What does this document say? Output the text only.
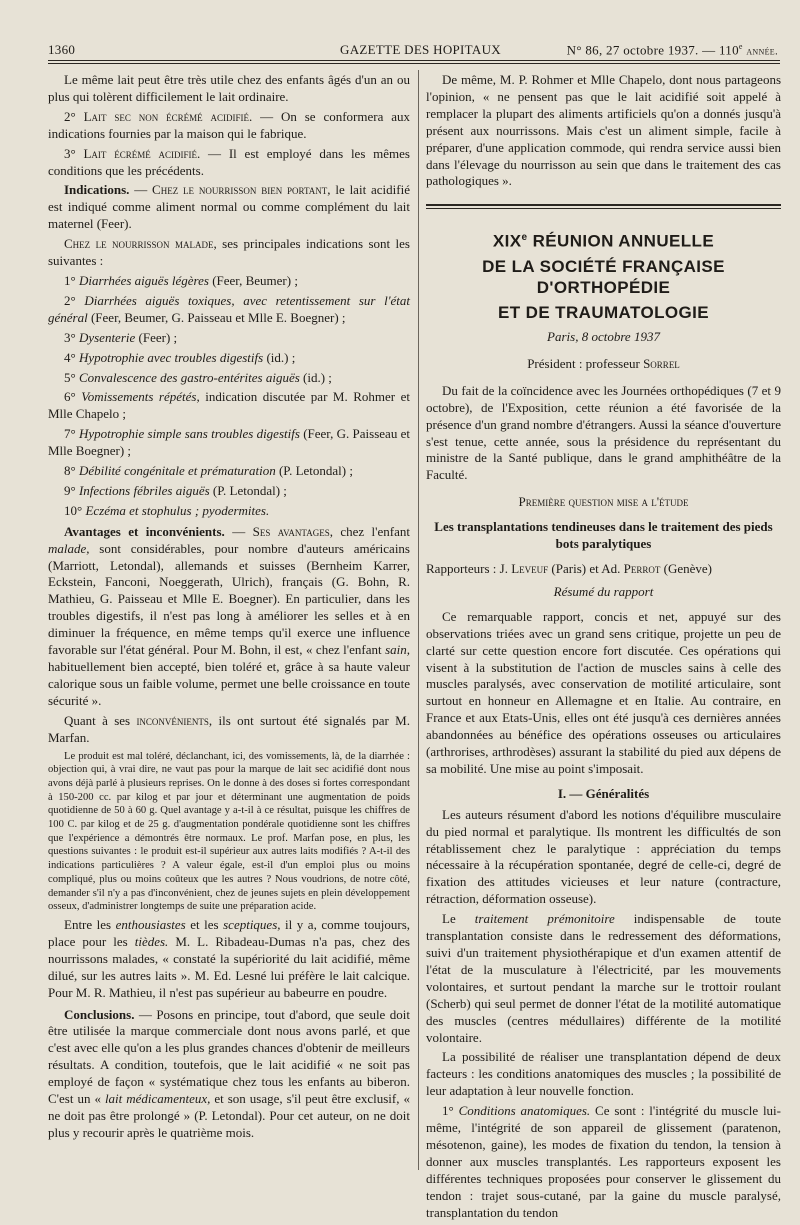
1360	GAZETTE DES HOPITAUX	N° 86, 27 octobre 1937. — 110e année.

Le même lait peut être très utile chez des enfants âgés d'un an ou plus qui tolèrent difficilement le lait ordinaire.

2° Lait sec non écrémé acidifié. — On se conformera aux indications fournies par la maison qui le fabrique.

3° Lait écrémé acidifié. — Il est employé dans les mêmes conditions que les précédents.

Indications. — Chez le nourrisson bien portant, le lait acidifié est indiqué comme aliment normal ou comme complément du lait maternel (Feer).

Chez le nourrisson malade, ses principales indications sont les suivantes :

1° Diarrhées aiguës légères (Feer, Beumer) ;

2° Diarrhées aiguës toxiques, avec retentissement sur l'état général (Feer, Beumer, G. Paisseau et Mlle E. Boegner) ;

3° Dysenterie (Feer) ;

4° Hypotrophie avec troubles digestifs (id.) ;

5° Convalescence des gastro-entérites aiguës (id.) ;

6° Vomissements répétés, indication discutée par M. Rohmer et Mlle Chapelo ;

7° Hypotrophie simple sans troubles digestifs (Feer, G. Paisseau et Mlle Boegner) ;

8° Débilité congénitale et prématuration (P. Letondal) ;

9° Infections fébriles aiguës (P. Letondal) ;

10° Eczéma et stophulus ; pyodermites.

Avantages et inconvénients. — Ses avantages, chez l'enfant malade, sont considérables, pour nombre d'auteurs américains (Marriott, Letondal), allemands et suisses (Bernheim Karrer, Eckstein, Fanconi, Noeggerath, Ulrich), français (G. Bohn, R. Mathieu, G. Paisseau et Mlle E. Boegner). En particulier, dans les troubles digestifs, il n'est pas long à améliorer les selles et à en diminuer la fréquence, en même temps qu'il exerce une influence favorable sur l'état général. Pour M. Bohn, il est, « chez l'enfant sain, habituellement bien accepté, bien toléré et, grâce à sa haute valeur calorique sous un faible volume, permet une belle croissance en toute sécurité ».

Quant à ses inconvénients, ils ont surtout été signalés par M. Marfan.

Le produit est mal toléré, déclanchant, ici, des vomissements, là, de la diarrhée : objection qui, à vrai dire, ne vaut pas pour la marque de lait sec acidifié dont nous avons déjà parlé à plusieurs reprises. On le donne à des doses si fortes correspondant à 150-200 cc. par kilog et par jour et déterminant une augmentation de poids quotidienne de 50 à 60 g. Quel avantage y a-t-il à ce résultat, puisque les chiffres de 100 C. par kilog et de 25 g. d'augmentation pondérale quotidienne sont les chiffres que l'expérience a démontrés être normaux. Le prof. Marfan pose, en plus, les questions suivantes : le produit est-il supérieur aux autres laits modifiés ? A-t-il des indications particulières ? A valeur égale, est-il d'un emploi plus ou moins compliqué, plus ou moins coûteux que les autres ? Nous voudrions, de notre côté, demander s'il n'y a pas d'inconvénient, chez de jeunes sujets en plein développement osseux, d'administrer longtemps de suite une préparation acide.

Entre les enthousiastes et les sceptiques, il y a, comme toujours, place pour les tièdes. M. L. Ribadeau-Dumas n'a pas, chez des nourrissons malades, « constaté la supériorité du lait acidifié, même dilué, sur les autres laits ». M. Ed. Lesné lui préfère le lait calcique. Pour M. R. Mathieu, il n'est pas supérieur au babeurre en poudre.

Conclusions. — Posons en principe, tout d'abord, que seule doit être utilisée la marque commerciale dont nous avons parlé, et que c'est avec elle qu'on a les plus grandes chances d'obtenir de meilleurs résultats. A condition, toutefois, que le lait acidifié « ne soit pas employé de façon « systématique chez tous les enfants au biberon. C'est un « lait médicamenteux, et son usage, s'il peut être exclusif, « ne doit pas être prolongé » (P. Letondal). Pour cet auteur, on ne doit plus y recourir après le quatrième mois.

De même, M. P. Rohmer et Mlle Chapelo, dont nous partageons l'opinion, « ne pensent pas que le lait acidifié soit appelé à remplacer la plupart des aliments artificiels qu'on a donnés jusqu'à présent aux nourrissons. Mais c'est un aliment simple, facile à préparer, d'une application commode, qui rendra service aussi bien dans l'élevage du nourrisson au sein que dans le traitement des cas pathologiques ».

XIXe RÉUNION ANNUELLE
DE LA SOCIÉTÉ FRANÇAISE D'ORTHOPÉDIE
ET DE TRAUMATOLOGIE

Paris, 8 octobre 1937

Président : professeur Sorrel

Du fait de la coïncidence avec les Journées orthopédiques (7 et 9 octobre), de l'Exposition, cette réunion a été favorisée de la présence d'un grand nombre d'étrangers. Aussi la séance d'ouverture s'est tenue, cette année, sous la présidence du représentant du ministre de la Santé publique, dans le grand amphithéâtre de la Faculté.

Première question mise a l'étude

Les transplantations tendineuses dans le traitement des pieds bots paralytiques

Rapporteurs : J. Leveuf (Paris) et Ad. Perrot (Genève)

Résumé du rapport

Ce remarquable rapport, concis et net, appuyé sur des observations triées avec un grand sens critique, projette un peu de clarté sur cette question encore fort discutée. Ces opérations qui visent à la substitution de l'action de muscles sains à celle des muscles paralysés, avec conservation de motilité articulaire, sont surtout en honneur en Allemagne et en Italie. Au contraire, en France et aux Etats-Unis, elles ont été jusqu'à ces dernières années abandonnées au bénéfice des opérations osseuses ou articulaires (arthrorises, arthrodèses) assurant la stabilité du pied aux dépens de sa mobilité. Une mise au point s'imposait.

I. — Généralités

Les auteurs résument d'abord les notions d'équilibre musculaire du pied normal et paralytique. Ils montrent les difficultés de son rétablissement chez le paralytique : appréciation du temps nécessaire à la récupération spontanée, degré de celle-ci, degré de fixation des attitudes vicieuses et leur nature (contracture, rétraction, déformation osseuse).

Le traitement prémonitoire indispensable de toute transplantation consiste dans le redressement des déformations, suivi d'un traitement physiothérapique et d'un examen attentif de l'état de la musculature à l'électricité, par les mouvements volontaires, et surtout pendant la marche sur le trottoir roulant (Scherb) qui seul permet de donner l'état de la motilité automatique des muscles (centres médullaires) différente de la motilité volontaire.

La possibilité de réaliser une transplantation dépend de deux facteurs : les conditions anatomiques des muscles ; la possibilité de leur adaptation à leur nouvelle fonction.

1° Conditions anatomiques. Ce sont : l'intégrité du muscle lui-même, l'intégrité de son appareil de glissement (paratenon, mésotenon, gaine), les modes de fixation du tendon, la tension à donner aux muscles transplantés. Les rapporteurs exposent les différentes techniques proposées pour conserver le glissement du tendon : trajet sous-cutané, par la gaine du muscle paralysé, transplantation du tendon
